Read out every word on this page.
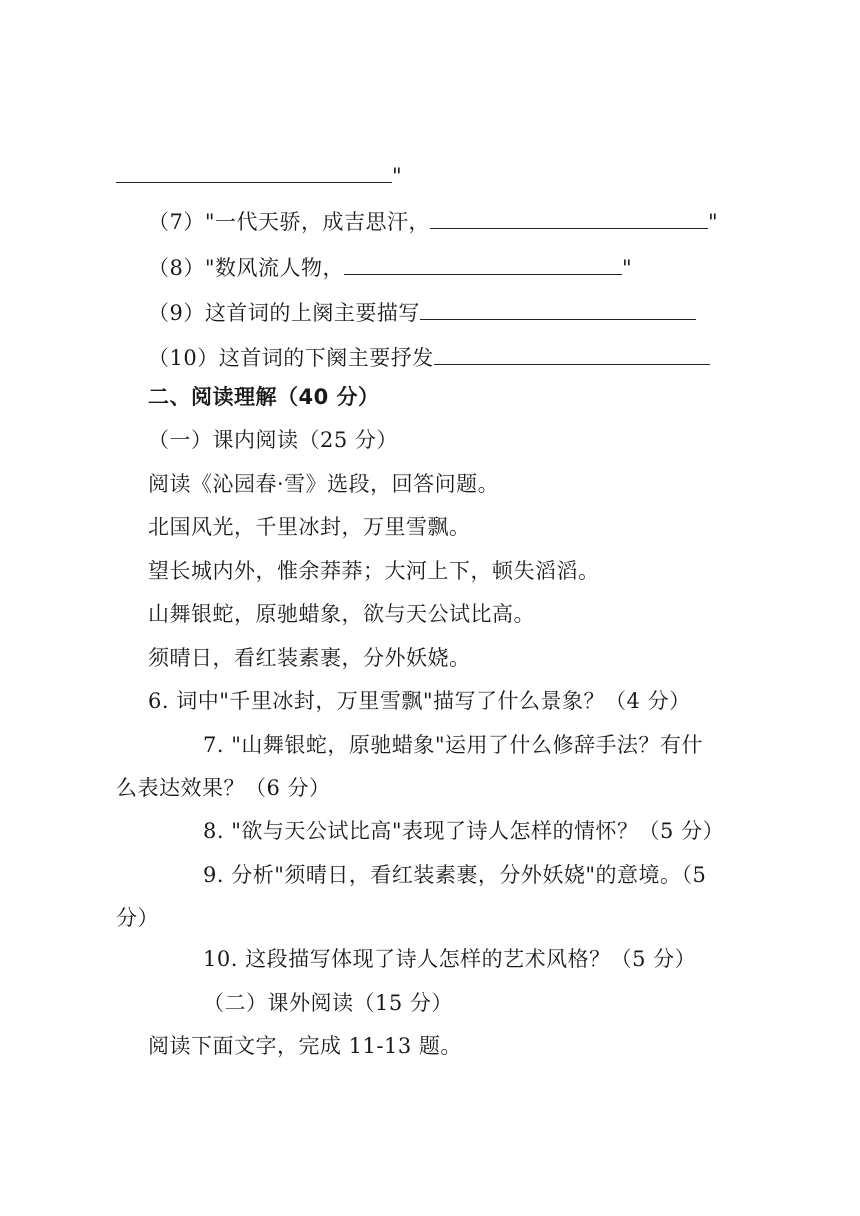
"
（7）"一代天骄，成吉思汗，	"
（8）"数风流人物，	"
（9）这首词的上阕主要描写
（10）这首词的下阕主要抒发
二、阅读理解（40 分）
（一）课内阅读（25 分）
阅读《沁园春·雪》选段，回答问题。
北国风光，千里冰封，万里雪飘。
望长城内外，惟余莽莽；大河上下，顿失滔滔。
山舞银蛇，原驰蜡象，欲与天公试比高。
须晴日，看红装素裹，分外妖娆。
6. 词中"千里冰封，万里雪飘"描写了什么景象？（4 分）
7. "山舞银蛇，原驰蜡象"运用了什么修辞手法？有什
么表达效果？（6 分）
8. "欲与天公试比高"表现了诗人怎样的情怀？（5 分）
9. 分析"须晴日，看红装素裹，分外妖娆"的意境。（5
分）
10. 这段描写体现了诗人怎样的艺术风格？（5 分）
（二）课外阅读（15 分）
阅读下面文字，完成 11-13 题。
